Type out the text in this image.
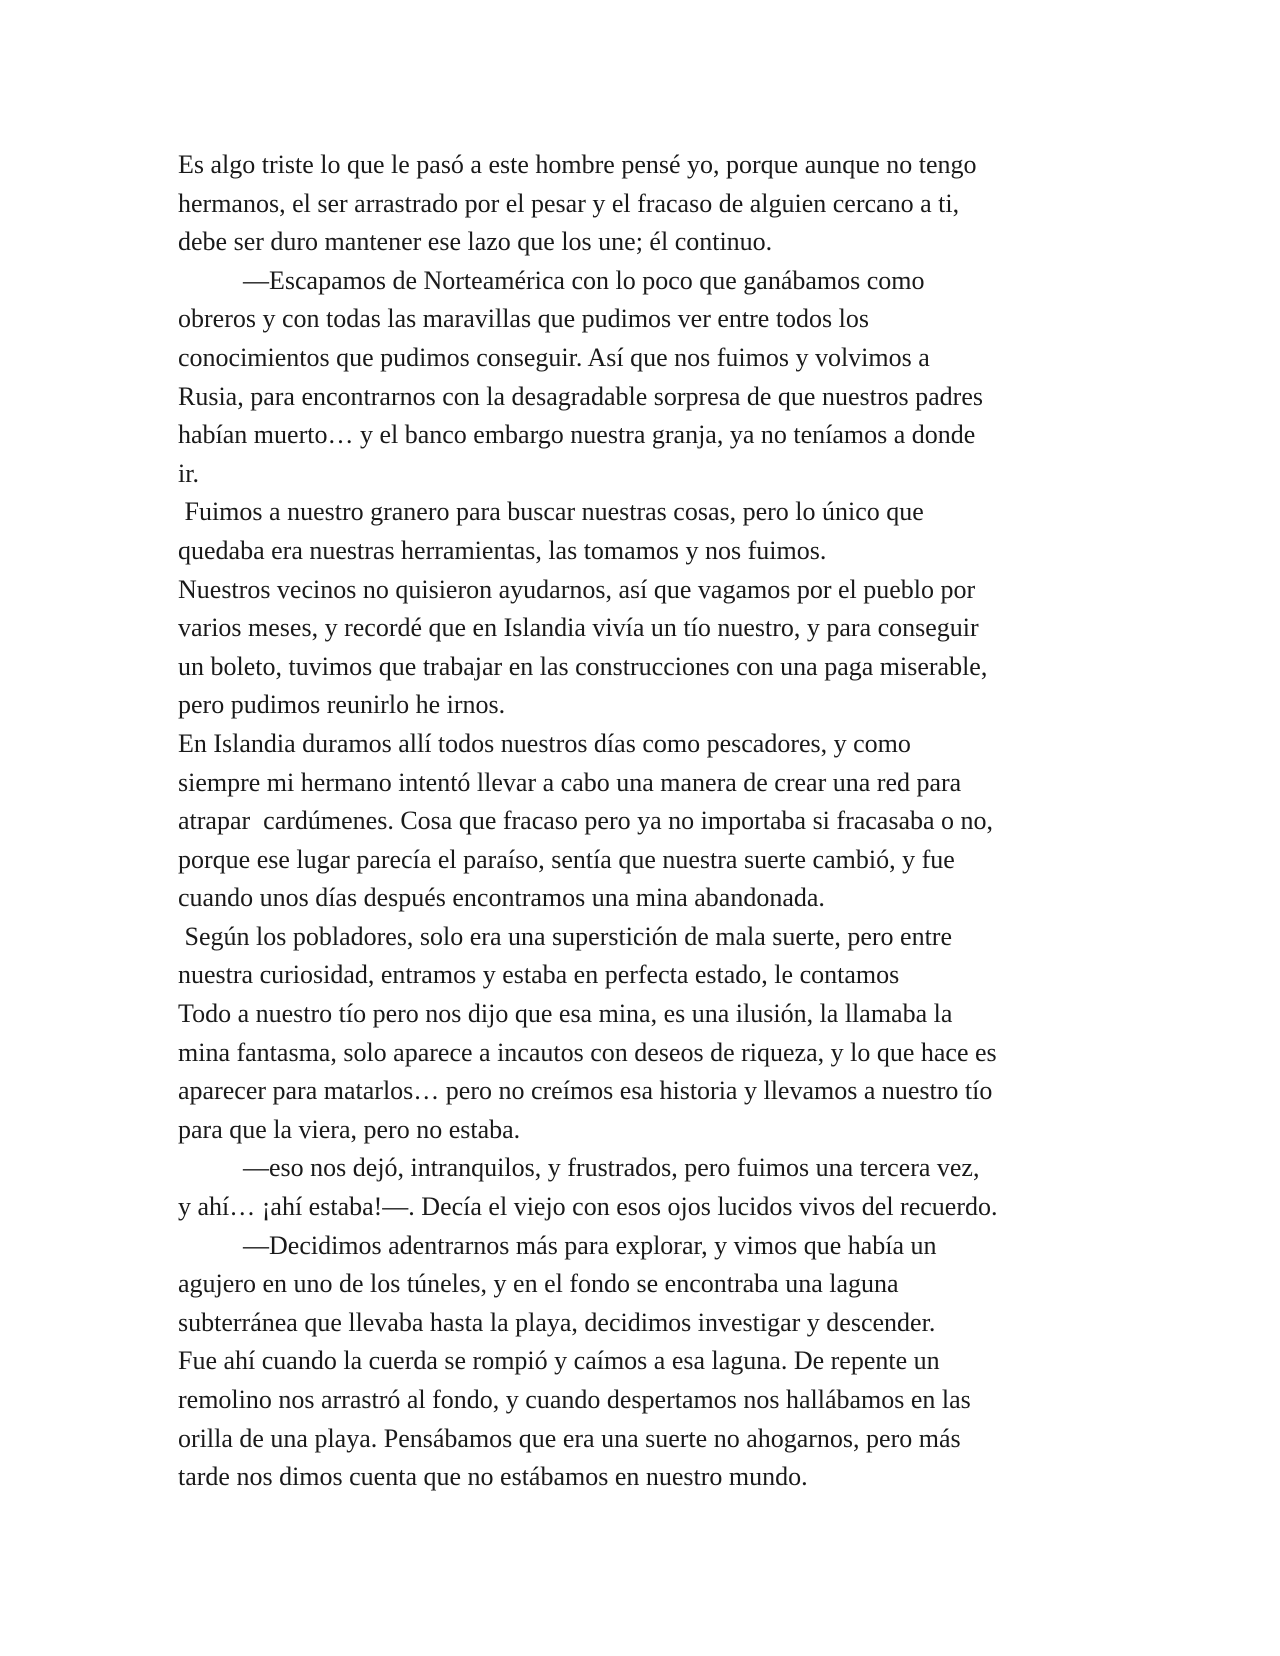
Es algo triste lo que le pasó a este hombre pensé yo, porque aunque no tengo
hermanos, el ser arrastrado por el pesar y el fracaso de alguien cercano a ti,
debe ser duro mantener ese lazo que los une; él continuo.
—Escapamos de Norteamérica con lo poco que ganábamos como
obreros y con todas las maravillas que pudimos ver entre todos los
conocimientos que pudimos conseguir. Así que nos fuimos y volvimos a
Rusia, para encontrarnos con la desagradable sorpresa de que nuestros padres
habían muerto… y el banco embargo nuestra granja, ya no teníamos a donde
ir.
Fuimos a nuestro granero para buscar nuestras cosas, pero lo único que
quedaba era nuestras herramientas, las tomamos y nos fuimos.
Nuestros vecinos no quisieron ayudarnos, así que vagamos por el pueblo por
varios meses, y recordé que en Islandia vivía un tío nuestro, y para conseguir
un boleto, tuvimos que trabajar en las construcciones con una paga miserable,
pero pudimos reunirlo he irnos.
En Islandia duramos allí todos nuestros días como pescadores, y como
siempre mi hermano intentó llevar a cabo una manera de crear una red para
atrapar  cardúmenes. Cosa que fracaso pero ya no importaba si fracasaba o no,
porque ese lugar parecía el paraíso, sentía que nuestra suerte cambió, y fue
cuando unos días después encontramos una mina abandonada.
Según los pobladores, solo era una superstición de mala suerte, pero entre
nuestra curiosidad, entramos y estaba en perfecta estado, le contamos
Todo a nuestro tío pero nos dijo que esa mina, es una ilusión, la llamaba la
mina fantasma, solo aparece a incautos con deseos de riqueza, y lo que hace es
aparecer para matarlos… pero no creímos esa historia y llevamos a nuestro tío
para que la viera, pero no estaba.
—eso nos dejó, intranquilos, y frustrados, pero fuimos una tercera vez,
y ahí… ¡ahí estaba!—. Decía el viejo con esos ojos lucidos vivos del recuerdo.
—Decidimos adentrarnos más para explorar, y vimos que había un
agujero en uno de los túneles, y en el fondo se encontraba una laguna
subterránea que llevaba hasta la playa, decidimos investigar y descender.
Fue ahí cuando la cuerda se rompió y caímos a esa laguna. De repente un
remolino nos arrastró al fondo, y cuando despertamos nos hallábamos en las
orilla de una playa. Pensábamos que era una suerte no ahogarnos, pero más
tarde nos dimos cuenta que no estábamos en nuestro mundo.
